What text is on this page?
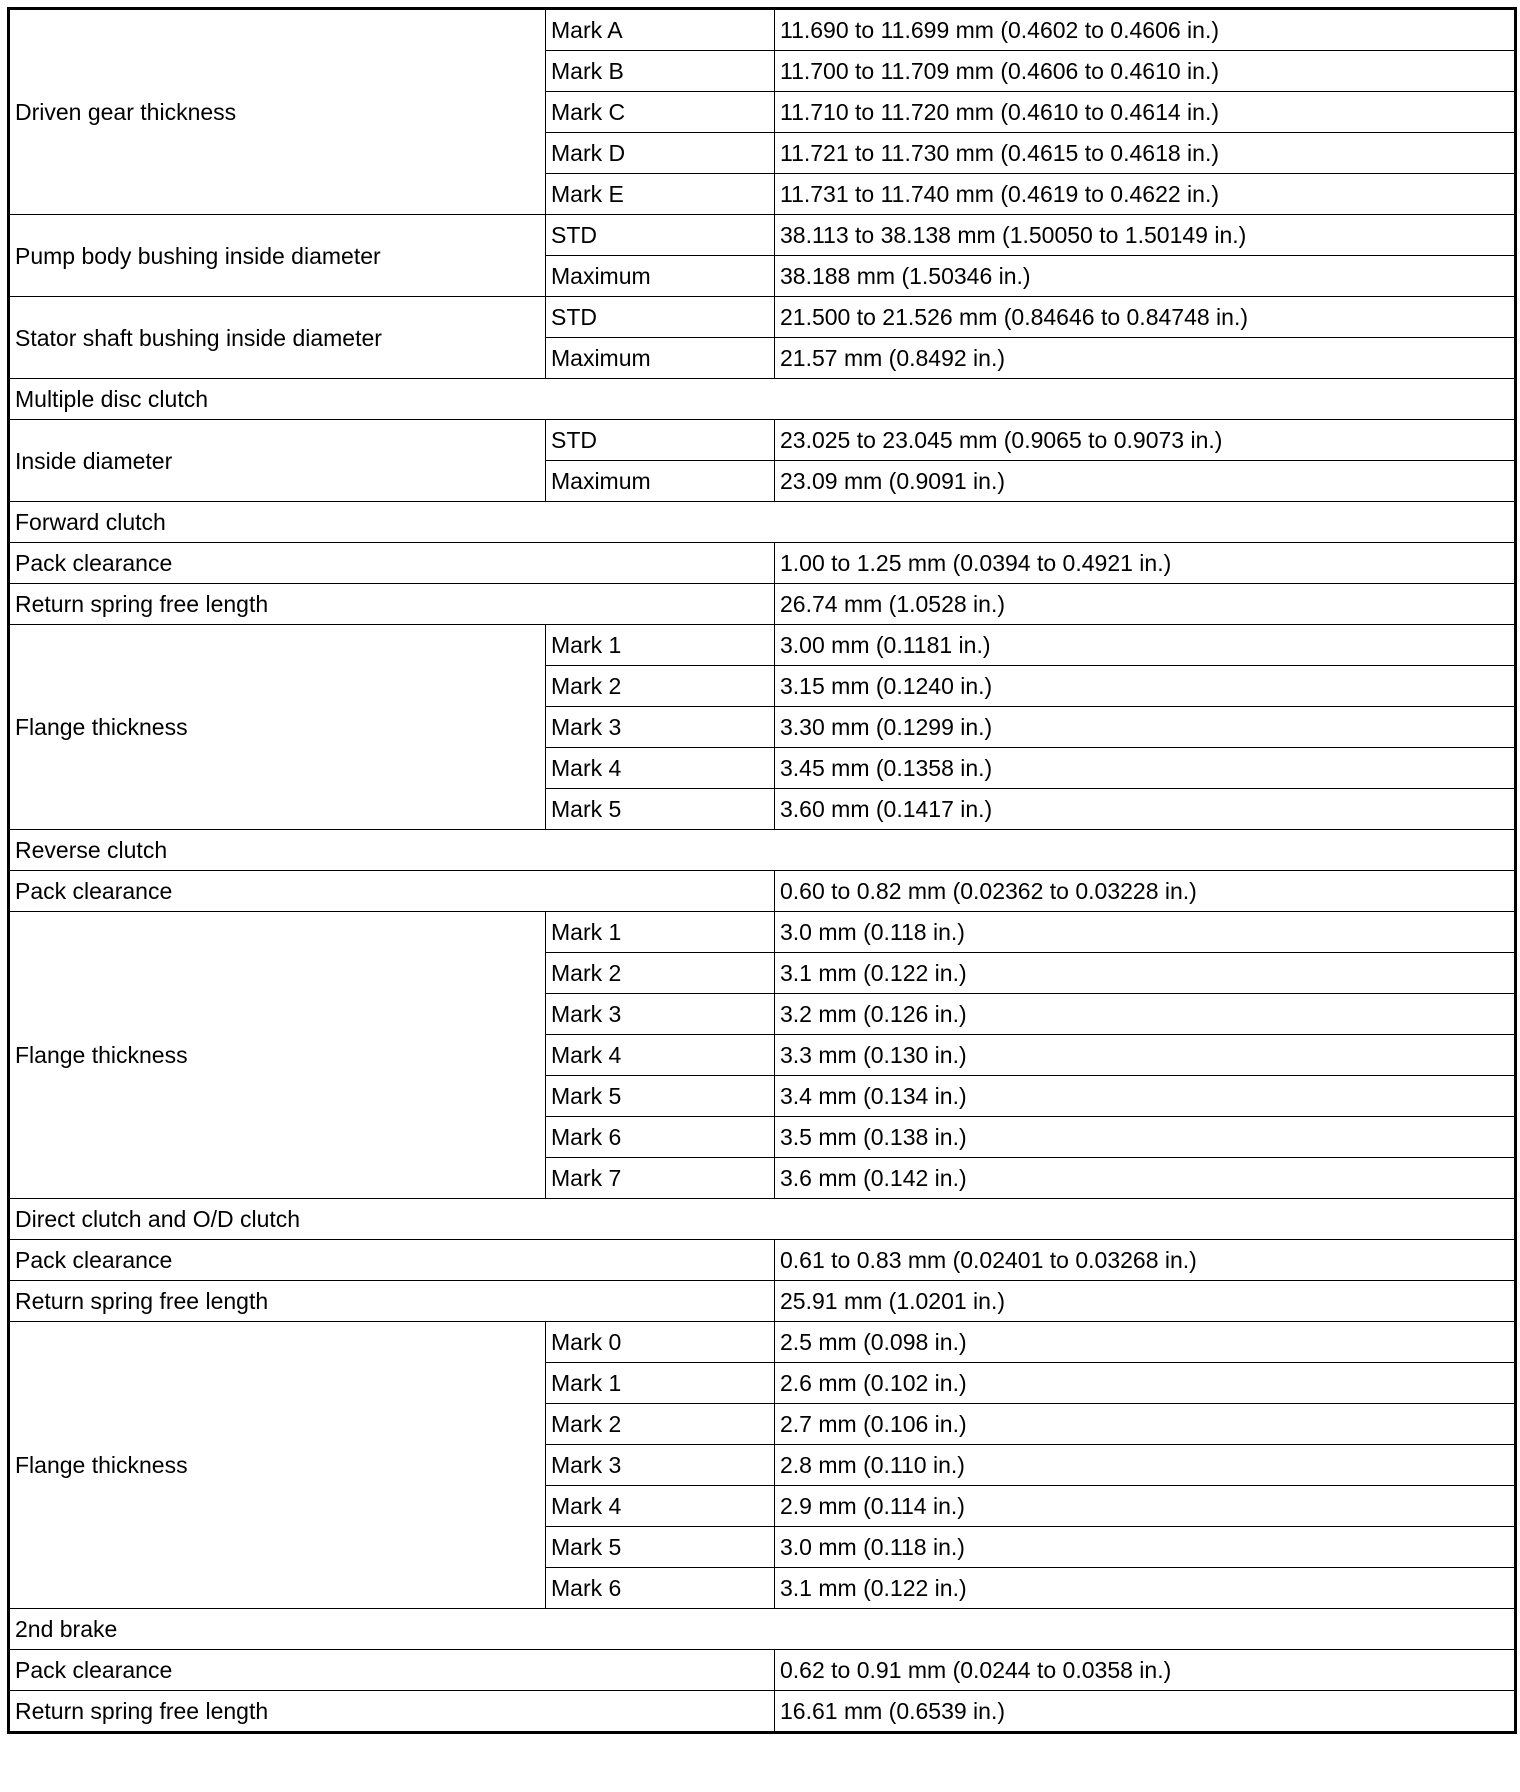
Driven gear thickness	Mark A	11.690 to 11.699 mm (0.4602 to 0.4606 in.)
	Mark B	11.700 to 11.709 mm (0.4606 to 0.4610 in.)
	Mark C	11.710 to 11.720 mm (0.4610 to 0.4614 in.)
	Mark D	11.721 to 11.730 mm (0.4615 to 0.4618 in.)
	Mark E	11.731 to 11.740 mm (0.4619 to 0.4622 in.)
Pump body bushing inside diameter	STD	38.113 to 38.138 mm (1.50050 to 1.50149 in.)
	Maximum	38.188 mm (1.50346 in.)
Stator shaft bushing inside diameter	STD	21.500 to 21.526 mm (0.84646 to 0.84748 in.)
	Maximum	21.57 mm (0.8492 in.)
Multiple disc clutch		
Inside diameter	STD	23.025 to 23.045 mm (0.9065 to 0.9073 in.)
	Maximum	23.09 mm (0.9091 in.)
Forward clutch		
Pack clearance		1.00 to 1.25 mm (0.0394 to 0.4921 in.)
Return spring free length		26.74 mm (1.0528 in.)
Flange thickness	Mark 1	3.00 mm (0.1181 in.)
	Mark 2	3.15 mm (0.1240 in.)
	Mark 3	3.30 mm (0.1299 in.)
	Mark 4	3.45 mm (0.1358 in.)
	Mark 5	3.60 mm (0.1417 in.)
Reverse clutch		
Pack clearance		0.60 to 0.82 mm (0.02362 to 0.03228 in.)
Flange thickness	Mark 1	3.0 mm (0.118 in.)
	Mark 2	3.1 mm (0.122 in.)
	Mark 3	3.2 mm (0.126 in.)
	Mark 4	3.3 mm (0.130 in.)
	Mark 5	3.4 mm (0.134 in.)
	Mark 6	3.5 mm (0.138 in.)
	Mark 7	3.6 mm (0.142 in.)
Direct clutch and O/D clutch		
Pack clearance		0.61 to 0.83 mm (0.02401 to 0.03268 in.)
Return spring free length		25.91 mm (1.0201 in.)
Flange thickness	Mark 0	2.5 mm (0.098 in.)
	Mark 1	2.6 mm (0.102 in.)
	Mark 2	2.7 mm (0.106 in.)
	Mark 3	2.8 mm (0.110 in.)
	Mark 4	2.9 mm (0.114 in.)
	Mark 5	3.0 mm (0.118 in.)
	Mark 6	3.1 mm (0.122 in.)
2nd brake		
Pack clearance		0.62 to 0.91 mm (0.0244 to 0.0358 in.)
Return spring free length		16.61 mm (0.6539 in.)
